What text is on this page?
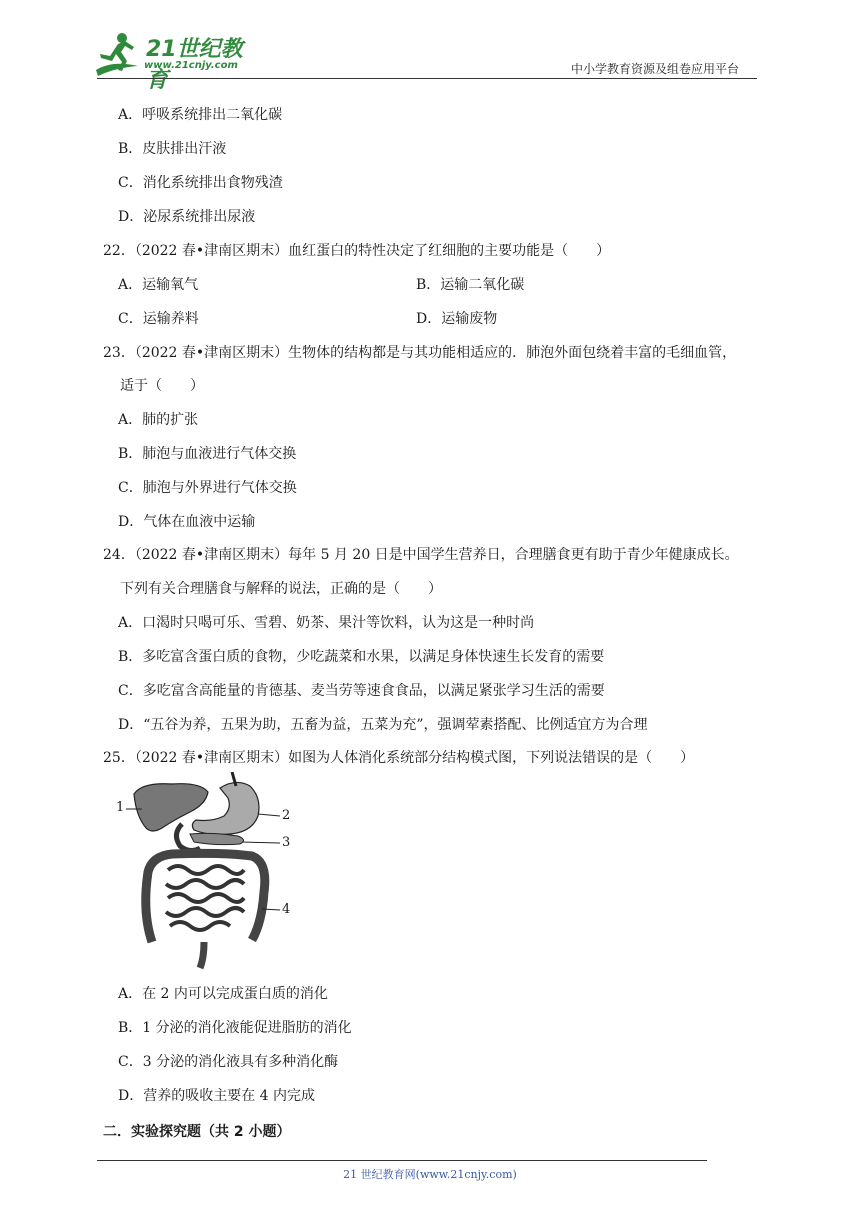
21世纪教育
www.21cnjy.com	中小学教育资源及组卷应用平台
A．呼吸系统排出二氧化碳
B．皮肤排出汗液
C．消化系统排出食物残渣
D．泌尿系统排出尿液
22．（2022 春•津南区期末）血红蛋白的特性决定了红细胞的主要功能是（　　）
A．运输氧气	B．运输二氧化碳
C．运输养料	D．运输废物
23．（2022 春•津南区期末）生物体的结构都是与其功能相适应的．肺泡外面包绕着丰富的毛细血管，
适于（　　）
A．肺的扩张
B．肺泡与血液进行气体交换
C．肺泡与外界进行气体交换
D．气体在血液中运输
24．（2022 春•津南区期末）每年 5 月 20 日是中国学生营养日，合理膳食更有助于青少年健康成长。
下列有关合理膳食与解释的说法，正确的是（　　）
A．口渴时只喝可乐、雪碧、奶茶、果汁等饮料，认为这是一种时尚
B．多吃富含蛋白质的食物，少吃蔬菜和水果，以满足身体快速生长发育的需要
C．多吃富含高能量的肯德基、麦当劳等速食食品，以满足紧张学习生活的需要
D．“五谷为养，五果为助，五畜为益，五菜为充”，强调荤素搭配、比例适宜方为合理
25．（2022 春•津南区期末）如图为人体消化系统部分结构模式图，下列说法错误的是（　　）
1
2
3
4
A．在 2 内可以完成蛋白质的消化
B．1 分泌的消化液能促进脂肪的消化
C．3 分泌的消化液具有多种消化酶
D．营养的吸收主要在 4 内完成
二．实验探究题（共 2 小题）
21 世纪教育网(www.21cnjy.com)
